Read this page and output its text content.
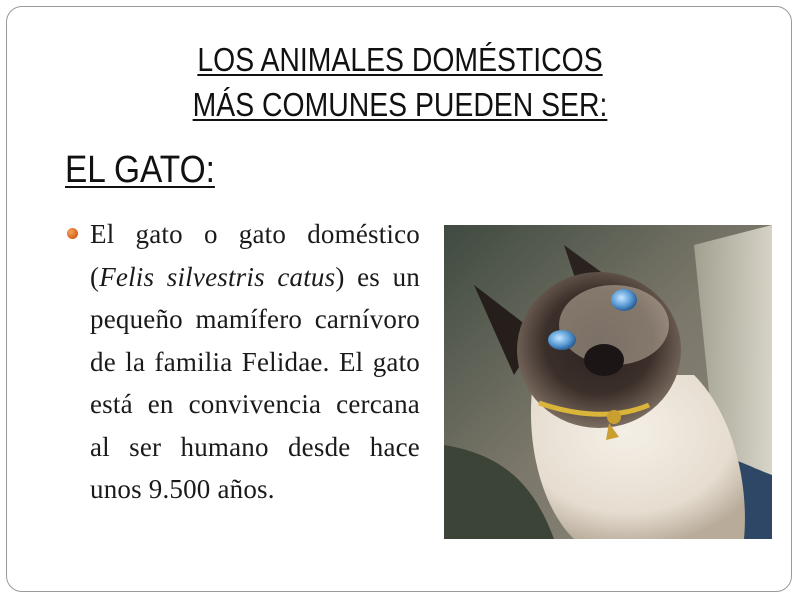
LOS ANIMALES DOMÉSTICOS
MÁS COMUNES PUEDEN SER:
EL GATO:
El gato o gato doméstico (Felis silvestris catus) es un pequeño mamífero carnívoro de la familia Felidae. El gato está en convivencia cercana al ser humano desde hace unos 9.500 años.
